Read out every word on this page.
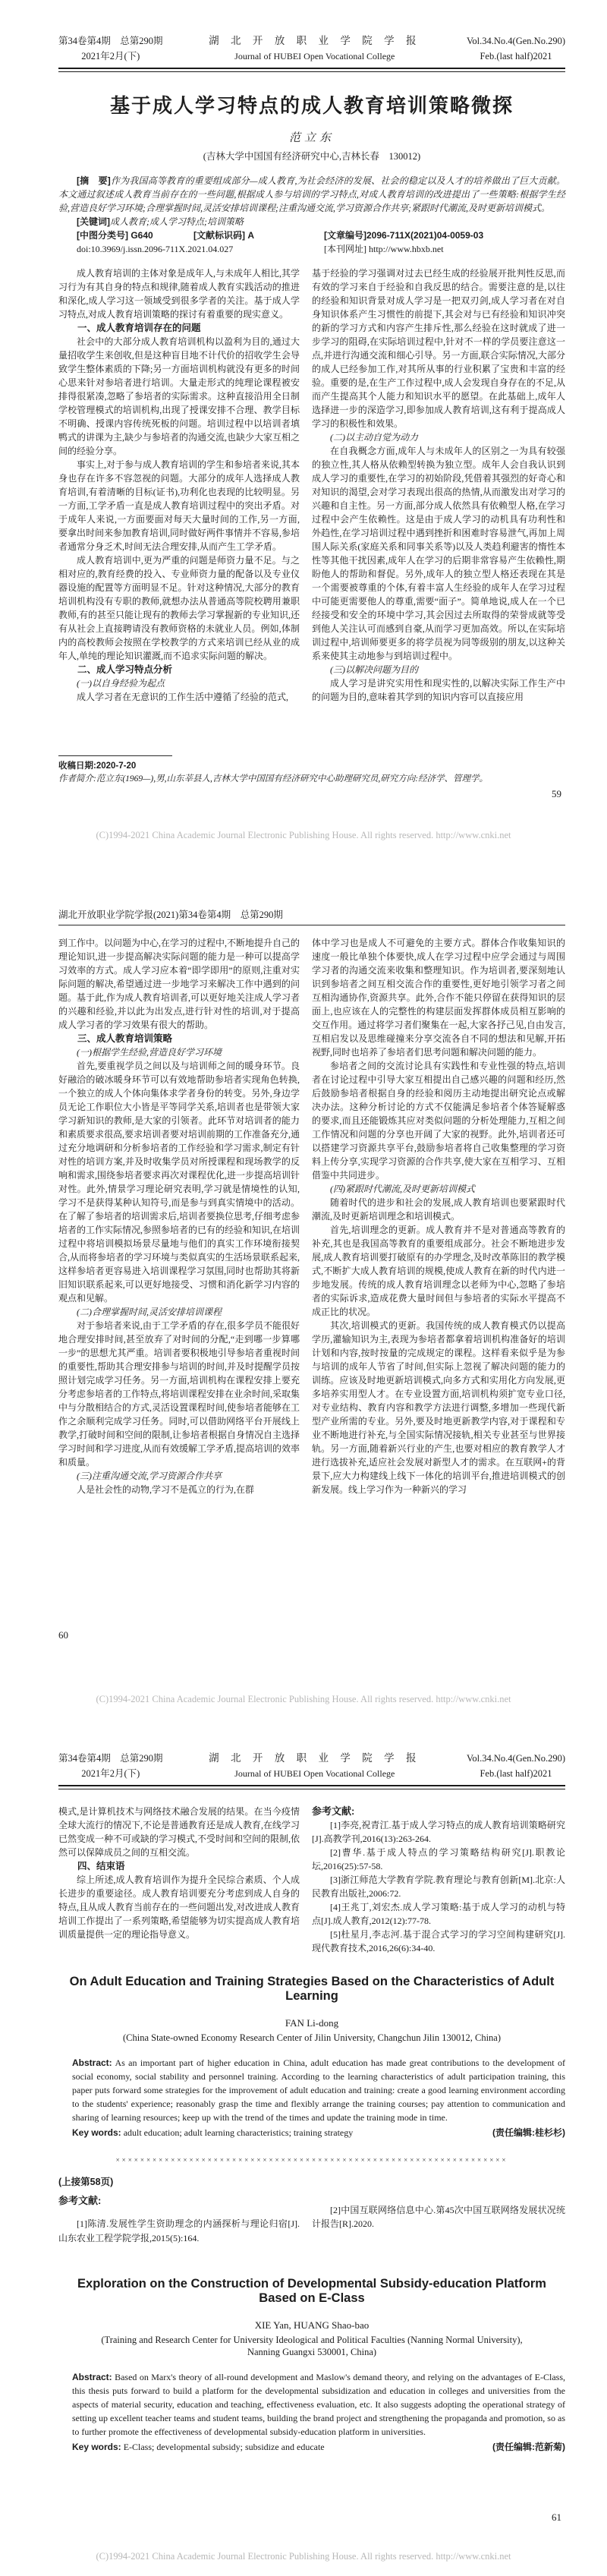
第34卷第4期　总第290期
2021年2月(下)
湖 北 开 放 职 业 学 院 学 报
Journal of HUBEI Open Vocational College
Vol.34.No.4(Gen.No.290)
Feb.(last half)2021
基于成人学习特点的成人教育培训策略微探
范立东
(吉林大学中国国有经济研究中心,吉林长春　130012)

[摘　要]作为我国高等教育的重要组成部分—成人教育,为社会经济的发展、社会的稳定以及人才的培养做出了巨大贡献。本文通过叙述成人教育当前存在的一些问题,根据成人参与培训的学习特点,对成人教育培训的改进提出了一些策略:根据学生经验,营造良好学习环境;合理掌握时间,灵活安排培训课程;注重沟通交流,学习资源合作共享;紧跟时代潮流,及时更新培训模式。

[关键词]成人教育;成人学习特点;培训策略

[中图分类号] G640	[文献标识码] A	[文章编号]2096-711X(2021)04-0059-03
doi:10.3969/j.issn.2096-711X.2021.04.027	[本刊网址] http://www.hbxb.net

成人教育培训的主体对象是成年人,与未成年人相比,其学习行为有其自身的特点和规律,随着成人教育实践活动的推进和深化,成人学习这一领域受到很多学者的关注。基于成人学习特点,对成人教育培训策略的探讨有着重要的现实意义。

一、成人教育培训存在的问题

社会中的大部分成人教育培训机构以盈利为目的,通过大量招收学生来创收,但是这种盲目地不计代价的招收学生会导致学生整体素质的下降;另一方面培训机构就没有更多的时间心思来针对参培者进行培训。大量走形式的纯理论课程被安排得很紧凑,忽略了参培者的实际需求。这种直接沿用全日制学校管理模式的培训机构,出现了授课安排不合理、教学目标不明确、授课内容传统死板的问题。培训过程中以培训者填鸭式的讲课为主,缺少与参培者的沟通交流,也缺少大家互相之间的经验分享。

事实上,对于参与成人教育培训的学生和参培者来说,其本身也存在许多不容忽视的问题。大部分的成年人选择成人教育培训,有着清晰的目标(证书),功利化也表现的比较明显。另一方面,工学矛盾一直是成人教育培训过程中的突出矛盾。对于成年人来说,一方面要面对每天大量时间的工作,另一方面,要拿出时间来参加教育培训,同时做好两件事情并不容易,参培者通常分身乏术,时间无法合理安排,从而产生工学矛盾。

成人教育培训中,更为严重的问题是师资力量不足。与之相对应的,教育经费的投入、专业师资力量的配备以及专业仪器设施的配置等方面明显不足。针对这种情况,大部分的教育培训机构没有专职的教师,就想办法从普通高等院校聘用兼职教师,有的甚至只能让现有的教师去学习掌握新的专业知识,还有从社会上直接聘请没有教师资格的未就业人员。例如,体制内的高校教师会按照在学校教学的方式来培训已经从业的成年人,单纯的理论知识灌溉,而不追求实际问题的解决。

二、成人学习特点分析

(一)以自身经验为起点

成人学习者在无意识的工作生活中遵循了经验的范式,

基于经验的学习强调对过去已经生成的经验展开批判性反思,而有效的学习来自于经验和自我反思的结合。需要注意的是,以往的经验和知识背景对成人学习是一把双刃剑,成人学习者在对自身知识体系产生习惯性的前提下,其会对与已有经验和知识冲突的新的学习方式和内容产生排斥性,那么经验在这时就成了进一步学习的阻碍,在实际培训过程中,针对不一样的学员要注意这一点,并进行沟通交流和细心引导。另一方面,联合实际情况,大部分的成人已经参加工作,对其所从事的行业积累了宝贵和丰富的经验。重要的是,在生产工作过程中,成人会发现自身存在的不足,从而产生提高其个人能力和知识水平的愿望。在此基础上,成年人选择进一步的深造学习,即参加成人教育培训,这有利于提高成人学习的积极性和效果。

(二)以主动自觉为动力

在自我概念方面,成年人与未成年人的区别之一为具有较强的独立性,其人格从依赖型转换为独立型。成年人会自我认识到成人学习的重要性,在学习的初始阶段,凭借着其强烈的好奇心和对知识的渴望,会对学习表现出很高的热情,从而激发出对学习的兴趣和自主性。另一方面,部分成人依然具有依赖型人格,在学习过程中会产生依赖性。这是由于成人学习的动机具有功利性和外趋性,在学习培训过程中遇到挫折和困难时容易泄气,再加上周围人际关系(家庭关系和同事关系等)以及人类趋利避害的惰性本性等其他干扰因素,成年人在学习的后期非常容易产生依赖性,期盼他人的帮助和督促。另外,成年人的独立型人格还表现在其是一个需要被尊重的个体,有着丰富人生经验的成年人在学习过程中可能更需要他人的尊重,需要“面子”。简单地说,成人在一个已经接受和安全的环境中学习,其会因过去所取得的荣誉成就等受到他人关注认可而感到自豪,从而学习更加高效。所以,在实际培训过程中,培训师要更多的将学员视为同等级别的朋友,以这种关系来使其主动地参与到培训过程中。

(三)以解决问题为目的

成人学习是讲究实用性和现实性的,以解决实际工作生产中的问题为目的,意味着其学到的知识内容可以直接应用

收稿日期:2020-7-20
作者简介:范立东(1969—),男,山东莘县人,吉林大学中国国有经济研究中心助理研究员,研究方向:经济学、管理学。
59
(C)1994-2021 China Academic Journal Electronic Publishing House. All rights reserved. http://www.cnki.net
湖北开放职业学院学报(2021)第34卷第4期　总第290期

到工作中。以问题为中心,在学习的过程中,不断地提升自己的理论知识,进一步提高解决实际问题的能力是一种可以提高学习效率的方式。成人学习应本着“即学即用”的原则,注重对实际问题的解决,希望通过进一步地学习来解决工作中遇到的问题。基于此,作为成人教育培训者,可以更好地关注成人学习者的兴趣和经验,并以此为出发点,进行针对性的培训,对于提高成人学习者的学习效果有很大的帮助。

三、成人教育培训策略

(一)根据学生经验,营造良好学习环境

首先,要重视学员之间以及与培训师之间的暖身环节。良好融洽的破冰暖身环节可以有效地帮助参培者实现角色转换,一个独立的成人个体向集体求学者身份的转变。另外,身边学员无论工作职位大小皆是平等同学关系,培训者也是带领大家学习新知识的教师,是大家的引领者。此环节对培训者的能力和素质要求很高,要求培训者要对培训前期的工作准备充分,通过充分地调研和分析参培者的工作经验和学习需求,制定有针对性的培训方案,并及时收集学员对所授课程和现场教学的反响和需求,围绕参培者要求再次对课程优化,进一步提高培训针对性。此外,情景学习理论研究表明,学习就是情境性的认知,学习不是获得某种认知符号,而是参与到真实情境中的活动。在了解了参培者的培训需求后,培训者要换位思考,仔细考虑参培者的工作实际情况,参照参培者的已有的经验和知识,在培训过程中将培训模拟场景尽量地与他们的真实工作环境衔接契合,从而将参培者的学习环境与类似真实的生活场景联系起来,这样参培者更容易进入培训课程学习氛围,同时也帮助其将新旧知识联系起来,可以更好地接受、习惯和消化新学习内容的观点和见解。

(二)合理掌握时间,灵活安排培训课程

对于参培者来说,由于工学矛盾的存在,很多学员不能很好地合理安排时间,甚至放弃了对时间的分配,“走到哪一步算哪一步”的思想尤其严重。培训者要积极地引导参培者重视时间的重要性,帮助其合理安排参与培训的时间,并及时提醒学员按照计划完成学习任务。另一方面,培训机构在课程安排上要充分考虑参培者的工作特点,将培训课程安排在业余时间,采取集中与分散相结合的方式,灵活设置课程时间,使参培者能够在工作之余顺利完成学习任务。同时,可以借助网络平台开展线上教学,打破时间和空间的限制,让参培者根据自身情况自主选择学习时间和学习进度,从而有效缓解工学矛盾,提高培训的效率和质量。

(三)注重沟通交流,学习资源合作共享

人是社会性的动物,学习不是孤立的行为,在群

体中学习也是成人不可避免的主要方式。群体合作收集知识的速度一般比单独个体要快,成人在学习过程中应学会通过与周围学习者的沟通交流来收集和整理知识。作为培训者,要深刻地认识到参培者之间互相交流合作的重要性,更好地引领学习者之间互相沟通协作,资源共享。此外,合作不能只停留在获得知识的层面上,也应该在人的完整性的构建层面发挥群体成员相互影响的交互作用。通过将学习者们聚集在一起,大家各抒己见,自由发言,互相启发以及思维碰撞来分享交流各自不同的想法和见解,开拓视野,同时也培养了参培者们思考问题和解决问题的能力。

参培者之间的交流讨论具有实践性和专业性强的特点,培训者在讨论过程中引导大家互相提出自己感兴趣的问题和经历,然后鼓励参培者根据自身的经验和阅历主动地提出研究论点或解决办法。这种分析讨论的方式不仅能满足参培者个体答疑解惑的要求,而且还能锻炼其应对类似问题的分析处理能力,互相之间工作情况和问题的分享也开阔了大家的视野。此外,培训者还可以搭建学习资源共享平台,鼓励参培者将自己收集整理的学习资料上传分享,实现学习资源的合作共享,使大家在互相学习、互相借鉴中共同进步。

(四)紧跟时代潮流,及时更新培训模式

随着时代的进步和社会的发展,成人教育培训也要紧跟时代潮流,及时更新培训理念和培训模式。

首先,培训理念的更新。成人教育并不是对普通高等教育的补充,其也是我国高等教育的重要组成部分。社会不断地进步发展,成人教育培训要打破原有的办学理念,及时改革陈旧的教学模式,不断扩大成人教育培训的规模,使成人教育在新的时代内进一步地发展。传统的成人教育培训理念以老师为中心,忽略了参培者的实际诉求,造成花费大量时间但与参培者的实际水平提高不成正比的状况。

其次,培训模式的更新。我国传统的成人教育模式仍以提高学历,灌输知识为主,表现为参培者都拿着培训机构准备好的培训计划和内容,按时按量的完成规定的课程。这样看来似乎是为参与培训的成年人节省了时间,但实际上忽视了解决问题的能力的训练。应该及时地更新培训模式,向多方式和实用化方向发展,更多培养实用型人才。在专业设置方面,培训机构须扩宽专业口径,对专业结构、教育内容和教学方法进行调整,多增加一些现代新型产业所需的专业。另外,要及时地更新教学内容,对于课程和专业不断地进行补充,与全国实际情况接轨,相关专业甚至与世界接轨。另一方面,随着新兴行业的产生,也要对相应的教育教学人才进行选拔补充,适应社会发展对新型人才的需求。在互联网+的背景下,应大力构建线上线下一体化的培训平台,推进培训模式的创新发展。线上学习作为一种新兴的学习

60
(C)1994-2021 China Academic Journal Electronic Publishing House. All rights reserved. http://www.cnki.net
第34卷第4期　总第290期
2021年2月(下)
湖 北 开 放 职 业 学 院 学 报
Journal of HUBEI Open Vocational College
Vol.34.No.4(Gen.No.290)
Feb.(last half)2021

模式,是计算机技术与网络技术融合发展的结果。在当今疫情全球大流行的情况下,不论是普通教育还是成人教育,在线学习已然变成一种不可或缺的学习模式,不受时间和空间的限制,依然可以保障成员之间的互相交流。

四、结束语

综上所述,成人教育培训作为提升全民综合素质、个人成长进步的重要途径。成人教育培训要充分考虑到成人自身的特点,且从成人教育当前存在的一些问题出发,对改进成人教育培训工作提出了一系列策略,希望能够为切实提高成人教育培训质量提供一定的理论指导意义。

参考文献:

[1]李亮,祝青江.基于成人学习特点的成人教育培训策略研究[J].高教学刊,2016(13):263-264.

[2]曹华.基于成人特点的学习策略结构研究[J].职教论坛,2016(25):57-58.

[3]浙江师范大学教育学院.教育理论与教育创新[M].北京:人民教育出版社,2006:72.

[4]王兆丁,刘宏杰.成人学习策略:基于成人学习的动机与特点[J].成人教育,2012(12):77-78.

[5]杜星月,李志河.基于混合式学习的学习空间构建研究[J].现代教育技术,2016,26(6):34-40.

On Adult Education and Training Strategies Based on the Characteristics of Adult Learning
FAN Li-dong
(China State-owned Economy Research Center of Jilin University, Changchun Jilin 130012, China)

Abstract: As an important part of higher education in China, adult education has made great contributions to the development of social economy, social stability and personnel training. According to the learning characteristics of adult participation training, this paper puts forward some strategies for the improvement of adult education and training: create a good learning environment according to the students' experience; reasonably grasp the time and flexibly arrange the training courses; pay attention to communication and sharing of learning resources; keep up with the trend of the times and update the training mode in time.

Key words: adult education; adult learning characteristics; training strategy	(责任编辑:桂杉杉)
××××××××××××××××××××××××××××××××××××××××××××××××××××××××××××××××
(上接第58页)

参考文献:

[1]陈清.发展性学生资助理念的内涵探析与理论归宿[J].山东农业工程学院学报,2015(5):164.

[2]中国互联网络信息中心.第45次中国互联网络发展状况统计报告[R].2020.

Exploration on the Construction of Developmental Subsidy-education Platform Based on E-Class
XIE Yan, HUANG Shao-bao
(Training and Research Center for University Ideological and Political Faculties (Nanning Normal University),
Nanning Guangxi 530001, China)

Abstract: Based on Marx's theory of all-round development and Maslow's demand theory, and relying on the advantages of E-Class, this thesis puts forward to build a platform for the developmental subsidization and education in colleges and universities from the aspects of material security, education and teaching, effectiveness evaluation, etc. It also suggests adopting the operational strategy of setting up excellent teacher teams and student teams, building the brand project and strengthening the propaganda and promotion, so as to further promote the effectiveness of developmental subsidy-education platform in universities.

Key words: E-Class; developmental subsidy; subsidize and educate	(责任编辑:范新菊)
61
(C)1994-2021 China Academic Journal Electronic Publishing House. All rights reserved. http://www.cnki.net
